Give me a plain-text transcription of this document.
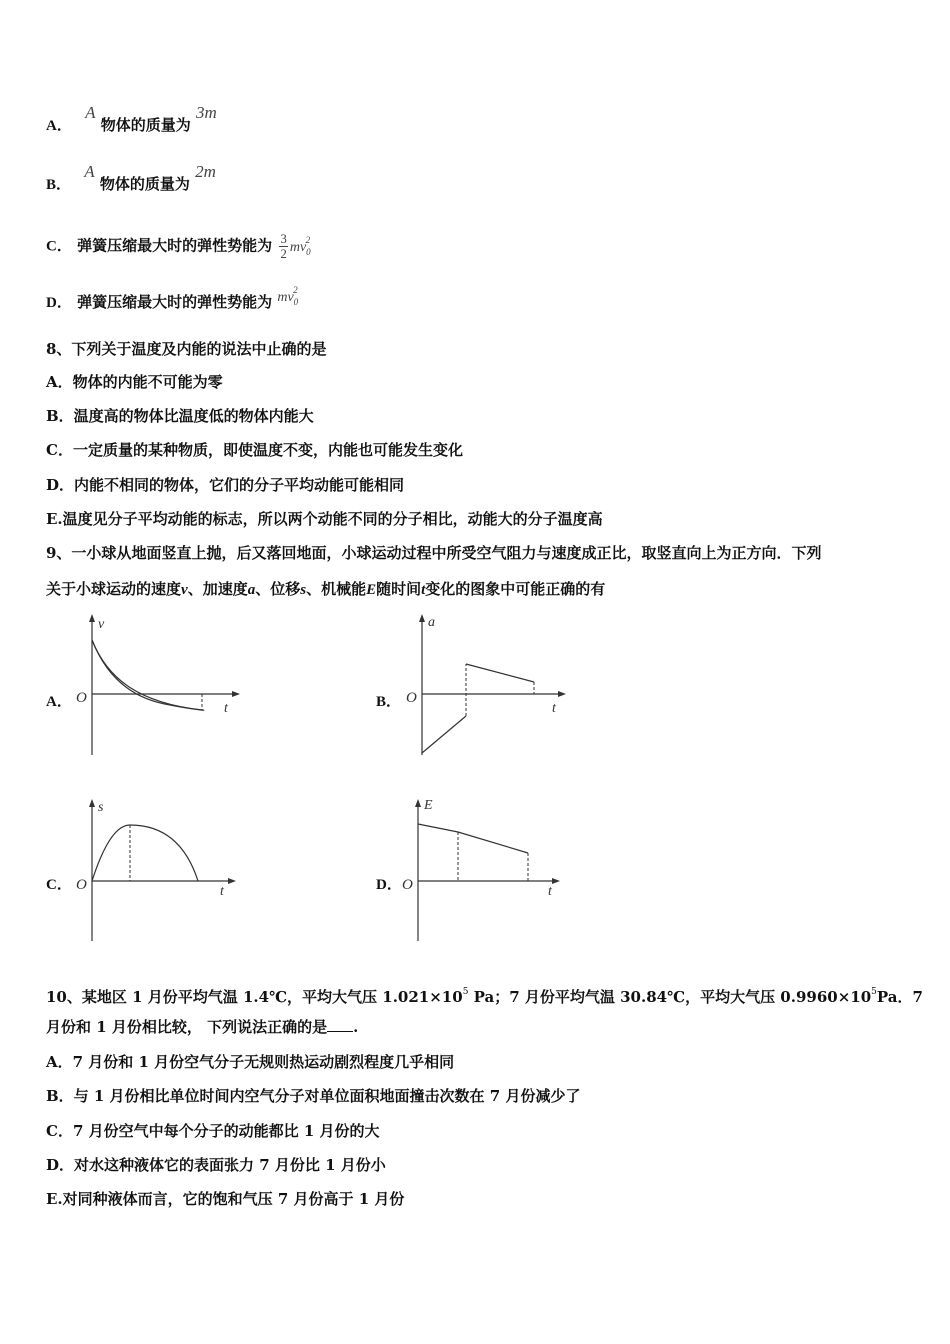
A． A 物体的质量为 3m
B． A 物体的质量为 2m
C． 弹簧压缩最大时的弹性势能为 $\frac{3}{2} mv_0^2$
D． 弹簧压缩最大时的弹性势能为 $mv_0^2$
8、下列关于温度及内能的说法中止确的是
A．物体的内能不可能为零
B．温度高的物体比温度低的物体内能大
C．一定质量的某种物质，即使温度不变，内能也可能发生变化
D．内能不相同的物体，它们的分子平均动能可能相同
E.温度见分子平均动能的标志，所以两个动能不同的分子相比，动能大的分子温度高
9、一小球从地面竖直上抛，后又落回地面，小球运动过程中所受空气阻力与速度成正比，取竖直向上为正方向．下列
关于小球运动的速度v、加速度a、位移s、机械能E随时间t变化的图象中可能正确的有
A．
v
O
t	B．
a
O
t
C．
s
O	t	D．
E
O	t
10、某地区 1 月份平均气温 1.4℃，平均大气压 $1.021\times 10^5$ Pa；7 月份平均气温 30.84℃，平均大气压 $0.9960\times 10^5Pa$．7
月份和 1 月份相比较， 下列说法正确的是 .
A．7 月份和 1 月份空气分子无规则热运动剧烈程度几乎相同
B．与 1 月份相比单位时间内空气分子对单位面积地面撞击次数在 7 月份减少了
C．7 月份空气中每个分子的动能都比 1 月份的大
D．对水这种液体它的表面张力 7 月份比 1 月份小
E.对同种液体而言，它的饱和气压 7 月份高于 1 月份
